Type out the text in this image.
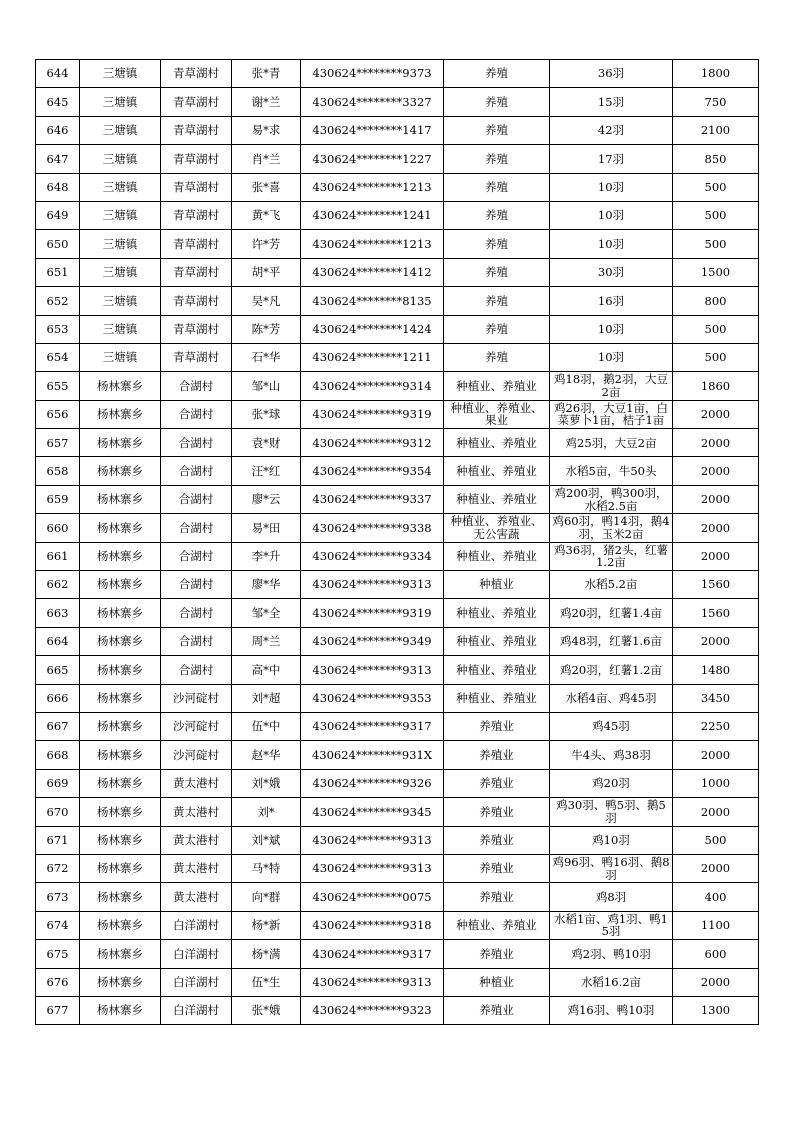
644	三塘镇	青草湖村	张*青	430624********9373	养殖	36羽	1800
645	三塘镇	青草湖村	谢*兰	430624********3327	养殖	15羽	750
646	三塘镇	青草湖村	易*求	430624********1417	养殖	42羽	2100
647	三塘镇	青草湖村	肖*兰	430624********1227	养殖	17羽	850
648	三塘镇	青草湖村	张*喜	430624********1213	养殖	10羽	500
649	三塘镇	青草湖村	黄*飞	430624********1241	养殖	10羽	500
650	三塘镇	青草湖村	许*芳	430624********1213	养殖	10羽	500
651	三塘镇	青草湖村	胡*平	430624********1412	养殖	30羽	1500
652	三塘镇	青草湖村	吴*凡	430624********8135	养殖	16羽	800
653	三塘镇	青草湖村	陈*芳	430624********1424	养殖	10羽	500
654	三塘镇	青草湖村	石*华	430624********1211	养殖	10羽	500
655	杨林寨乡	合湖村	邹*山	430624********9314	种植业、养殖业	鸡18羽，鹅2羽，大豆2亩	1860
656	杨林寨乡	合湖村	张*球	430624********9319	种植业、养殖业、果业	鸡26羽，大豆1亩，白菜萝卜1亩，桔子1亩	2000
657	杨林寨乡	合湖村	袁*财	430624********9312	种植业、养殖业	鸡25羽，大豆2亩	2000
658	杨林寨乡	合湖村	汪*红	430624********9354	种植业、养殖业	水稻5亩，牛50头	2000
659	杨林寨乡	合湖村	廖*云	430624********9337	种植业、养殖业	鸡200羽，鸭300羽，水稻2.5亩	2000
660	杨林寨乡	合湖村	易*田	430624********9338	种植业、养殖业、无公害蔬	鸡60羽，鸭14羽，鹅4羽，玉米2亩	2000
661	杨林寨乡	合湖村	李*升	430624********9334	种植业、养殖业	鸡36羽，猪2头，红薯1.2亩	2000
662	杨林寨乡	合湖村	廖*华	430624********9313	种植业	水稻5.2亩	1560
663	杨林寨乡	合湖村	邹*全	430624********9319	种植业、养殖业	鸡20羽，红薯1.4亩	1560
664	杨林寨乡	合湖村	周*兰	430624********9349	种植业、养殖业	鸡48羽，红薯1.6亩	2000
665	杨林寨乡	合湖村	高*中	430624********9313	种植业、养殖业	鸡20羽，红薯1.2亩	1480
666	杨林寨乡	沙河碇村	刘*超	430624********9353	种植业、养殖业	水稻4亩、鸡45羽	3450
667	杨林寨乡	沙河碇村	伍*中	430624********9317	养殖业	鸡45羽	2250
668	杨林寨乡	沙河碇村	赵*华	430624********931X	养殖业	牛4头、鸡38羽	2000
669	杨林寨乡	黄太港村	刘*娥	430624********9326	养殖业	鸡20羽	1000
670	杨林寨乡	黄太港村	刘*	430624********9345	养殖业	鸡30羽、鸭5羽、鹅5羽	2000
671	杨林寨乡	黄太港村	刘*斌	430624********9313	养殖业	鸡10羽	500
672	杨林寨乡	黄太港村	马*特	430624********9313	养殖业	鸡96羽、鸭16羽、鹅8羽	2000
673	杨林寨乡	黄太港村	向*群	430624********0075	养殖业	鸡8羽	400
674	杨林寨乡	白洋湖村	杨*新	430624********9318	种植业、养殖业	水稻1亩、鸡1羽、鸭15羽	1100
675	杨林寨乡	白洋湖村	杨*满	430624********9317	养殖业	鸡2羽、鸭10羽	600
676	杨林寨乡	白洋湖村	伍*生	430624********9313	种植业	水稻16.2亩	2000
677	杨林寨乡	白洋湖村	张*娥	430624********9323	养殖业	鸡16羽、鸭10羽	1300
